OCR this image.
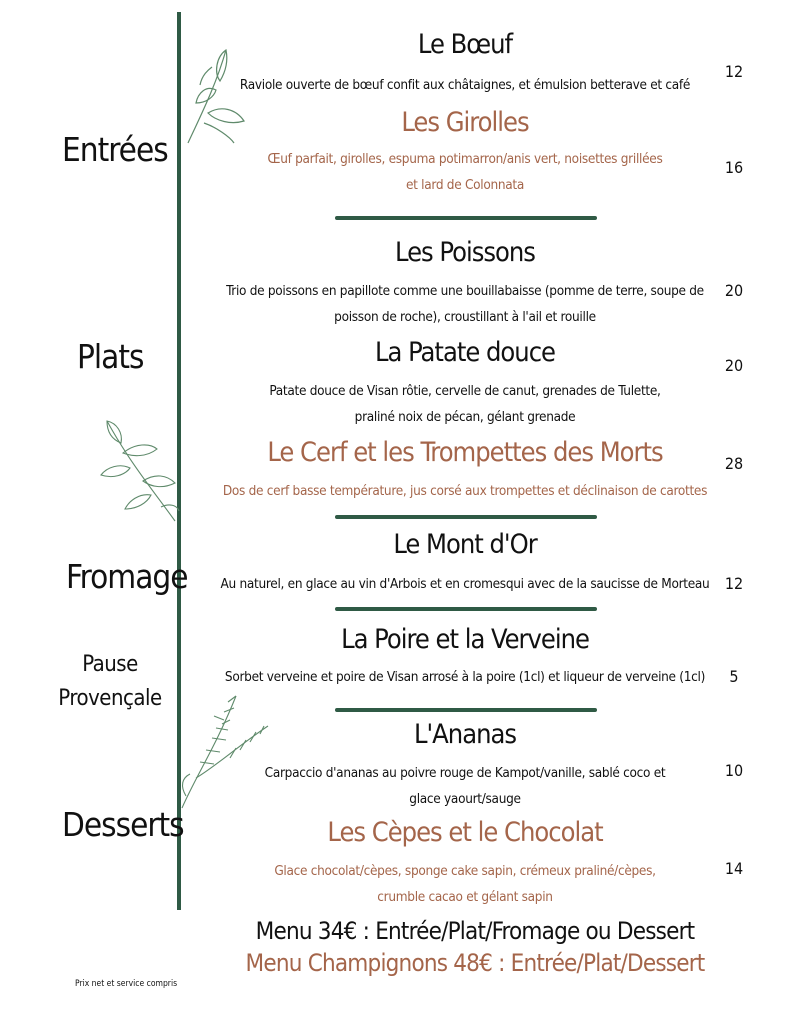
Entrées
Plats
Fromage
Pause
Provençale
Desserts
Le Bœuf
Raviole ouverte de bœuf confit aux châtaignes, et émulsion betterave et café
12
Les Girolles
Œuf parfait, girolles, espuma potimarron/anis vert, noisettes grillées
et lard de Colonnata
16
Les Poissons
Trio de poissons en papillote comme une bouillabaisse (pomme de terre, soupe de
poisson de roche), croustillant à l'ail et rouille
20
La Patate douce
Patate douce de Visan rôtie, cervelle de canut, grenades de Tulette,
praliné noix de pécan, gélant grenade
20
Le Cerf et les Trompettes des Morts
Dos de cerf basse température, jus corsé aux trompettes et déclinaison de carottes
28
Le Mont d'Or
Au naturel, en glace au vin d'Arbois et en cromesqui avec de la saucisse de Morteau 12
La Poire et la Verveine
Sorbet verveine et poire de Visan arrosé à la poire (1cl) et liqueur de verveine (1cl)	5
L'Ananas
Carpaccio d'ananas au poivre rouge de Kampot/vanille, sablé coco et
glace yaourt/sauge
10
Les Cèpes et le Chocolat
Glace chocolat/cèpes, sponge cake sapin, crémeux praliné/cèpes,
crumble cacao et gélant sapin
14
Menu 34€ : Entrée/Plat/Fromage ou Dessert
Menu Champignons 48€ : Entrée/Plat/Dessert
Prix net et service compris
